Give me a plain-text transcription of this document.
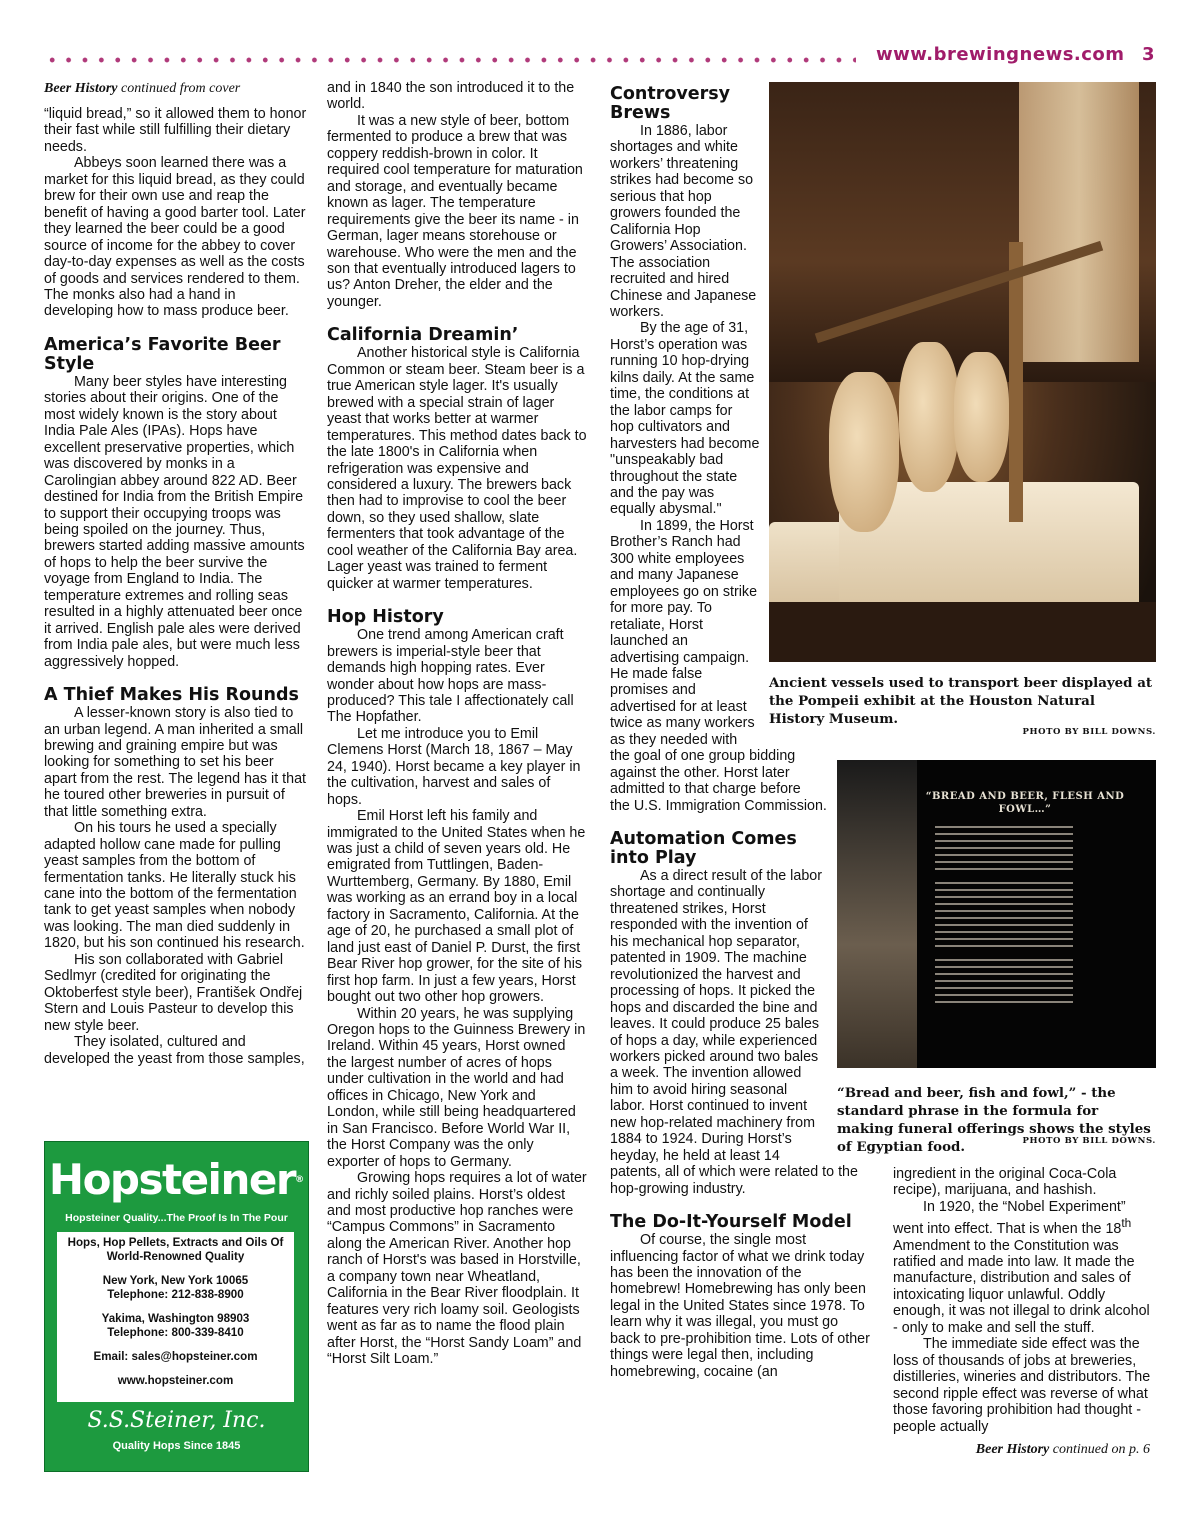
www.brewingnews.com 3
Beer History continued from cover

“liquid bread,” so it allowed them to honor their fast while still fulfilling their dietary needs.

Abbeys soon learned there was a market for this liquid bread, as they could brew for their own use and reap the benefit of having a good barter tool. Later they learned the beer could be a good source of income for the abbey to cover day-to-day expenses as well as the costs of goods and services rendered to them. The monks also had a hand in developing how to mass produce beer.

America’s Favorite Beer Style

Many beer styles have interesting stories about their origins. One of the most widely known is the story about India Pale Ales (IPAs). Hops have excellent preservative properties, which was discovered by monks in a Carolingian abbey around 822 AD. Beer destined for India from the British Empire to support their occupying troops was being spoiled on the journey. Thus, brewers started adding massive amounts of hops to help the beer survive the voyage from England to India. The temperature extremes and rolling seas resulted in a highly attenuated beer once it arrived. English pale ales were derived from India pale ales, but were much less aggressively hopped.

A Thief Makes His Rounds

A lesser-known story is also tied to an urban legend. A man inherited a small brewing and graining empire but was looking for something to set his beer apart from the rest. The legend has it that he toured other breweries in pursuit of that little something extra.

On his tours he used a specially adapted hollow cane made for pulling yeast samples from the bottom of fermentation tanks. He literally stuck his cane into the bottom of the fermentation tank to get yeast samples when nobody was looking. The man died suddenly in 1820, but his son continued his research.

His son collaborated with Gabriel Sedlmyr (credited for originating the Oktoberfest style beer), František Ondřej Stern and Louis Pasteur to develop this new style beer.

They isolated, cultured and developed the yeast from those samples,

and in 1840 the son introduced it to the world.

It was a new style of beer, bottom fermented to produce a brew that was coppery reddish-brown in color. It required cool temperature for maturation and storage, and eventually became known as lager. The temperature requirements give the beer its name - in German, lager means storehouse or warehouse. Who were the men and the son that eventually introduced lagers to us? Anton Dreher, the elder and the younger.

California Dreamin’

Another historical style is California Common or steam beer. Steam beer is a true American style lager. It's usually brewed with a special strain of lager yeast that works better at warmer temperatures. This method dates back to the late 1800's in California when refrigeration was expensive and considered a luxury. The brewers back then had to improvise to cool the beer down, so they used shallow, slate fermenters that took advantage of the cool weather of the California Bay area. Lager yeast was trained to ferment quicker at warmer temperatures.

Hop History

One trend among American craft brewers is imperial-style beer that demands high hopping rates. Ever wonder about how hops are mass-produced? This tale I affectionately call The Hopfather.

Let me introduce you to Emil Clemens Horst (March 18, 1867 – May 24, 1940). Horst became a key player in the cultivation, harvest and sales of hops.

Emil Horst left his family and immigrated to the United States when he was just a child of seven years old. He emigrated from Tuttlingen, Baden-Wurttemberg, Germany. By 1880, Emil was working as an errand boy in a local factory in Sacramento, California. At the age of 20, he purchased a small plot of land just east of Daniel P. Durst, the first Bear River hop grower, for the site of his first hop farm. In just a few years, Horst bought out two other hop growers.

Within 20 years, he was supplying Oregon hops to the Guinness Brewery in Ireland. Within 45 years, Horst owned the largest number of acres of hops under cultivation in the world and had offices in Chicago, New York and London, while still being headquartered in San Francisco. Before World War II, the Horst Company was the only exporter of hops to Germany.

Growing hops requires a lot of water and richly soiled plains. Horst’s oldest and most productive hop ranches were “Campus Commons” in Sacramento along the American River. Another hop ranch of Horst's was based in Horstville, a company town near Wheatland, California in the Bear River floodplain. It features very rich loamy soil. Geologists went as far as to name the flood plain after Horst, the “Horst Sandy Loam” and “Horst Silt Loam.”

Controversy Brews

In 1886, labor shortages and white workers’ threatening strikes had become so serious that hop growers founded the California Hop Growers’ Association. The association recruited and hired Chinese and Japanese workers.

By the age of 31, Horst’s operation was running 10 hop-drying kilns daily. At the same time, the conditions at the labor camps for hop cultivators and harvesters had become "unspeakably bad throughout the state and the pay was equally abysmal."

In 1899, the Horst Brother’s Ranch had 300 white employees and many Japanese employees go on strike for more pay. To retaliate, Horst launched an advertising campaign. He made false promises and advertised for at least twice as many workers as they needed with the goal of one group bidding against the other. Horst later admitted to that charge before the U.S. Immigration Commission.

Automation Comes into Play

As a direct result of the labor shortage and continually threatened strikes, Horst responded with the invention of his mechanical hop separator, patented in 1909. The machine revolutionized the harvest and processing of hops. It picked the hops and discarded the bine and leaves. It could produce 25 bales of hops a day, while experienced workers picked around two bales a week. The invention allowed him to avoid hiring seasonal labor. Horst continued to invent new hop-related machinery from 1884 to 1924. During Horst’s heyday, he held at least 14 patents, all of which were related to the hop-growing industry.

The Do-It-Yourself Model

Of course, the single most influencing factor of what we drink today has been the innovation of the homebrew! Homebrewing has only been legal in the United States since 1978. To learn why it was illegal, you must go back to pre-prohibition time. Lots of other things were legal then, including homebrewing, cocaine (an

Ancient vessels used to transport beer displayed at the Pompeii exhibit at the Houston Natural History Museum.
PHOTO BY BILL DOWNS.
“BREAD AND BEER, FLESH AND FOWL…”
“Bread and beer, fish and fowl,” - the standard phrase in the formula for making funeral offerings shows the styles of Egyptian food.	PHOTO BY BILL DOWNS.

ingredient in the original Coca-Cola recipe), marijuana, and hashish.

In 1920, the “Nobel Experiment” went into effect. That is when the 18th Amendment to the Constitution was ratified and made into law. It made the manufacture, distribution and sales of intoxicating liquor unlawful. Oddly enough, it was not illegal to drink alcohol - only to make and sell the stuff.

The immediate side effect was the loss of thousands of jobs at breweries, distilleries, wineries and distributors. The second ripple effect was reverse of what those favoring prohibition had thought - people actually

Hopsteiner®
Hopsteiner Quality...The Proof Is In The Pour
Hops, Hop Pellets, Extracts and Oils Of World-Renowned Quality
New York, New York 10065
Telephone: 212-838-8900
Yakima, Washington 98903
Telephone: 800-339-8410
Email: sales@hopsteiner.com
www.hopsteiner.com
S.S.Steiner, Inc.
Quality Hops Since 1845	Beer History continued on p. 6
